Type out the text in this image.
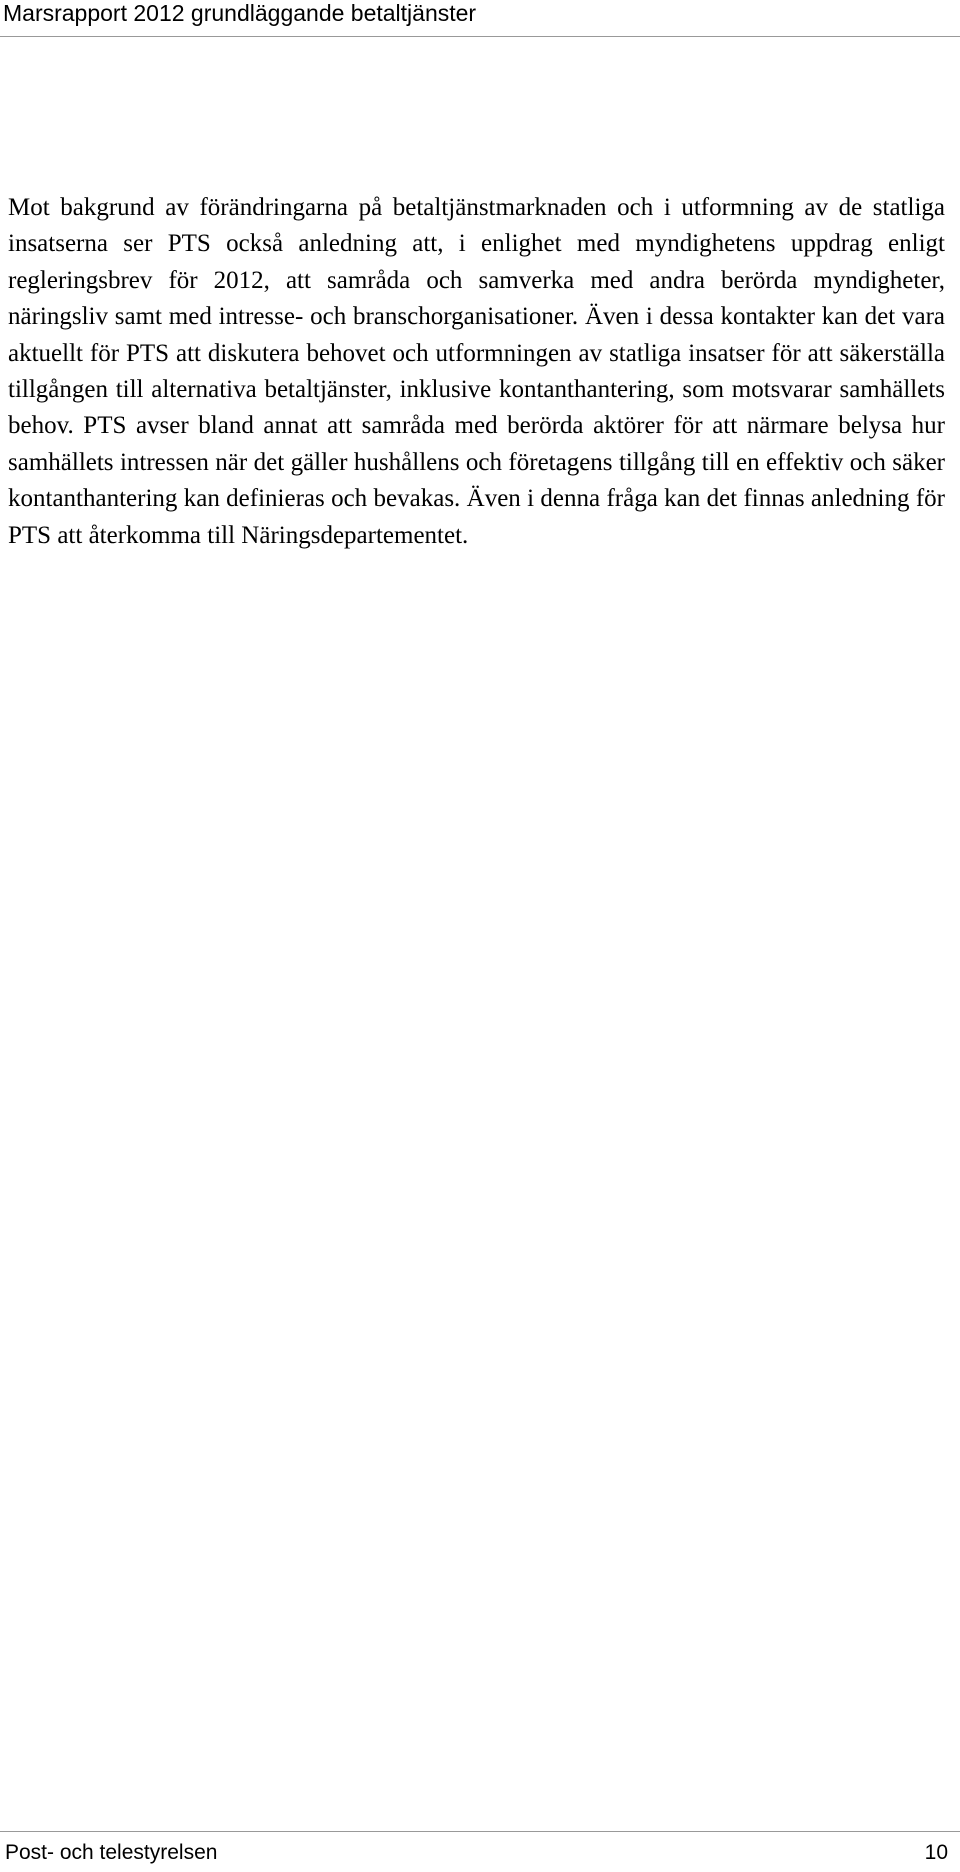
Marsrapport 2012 grundläggande betaltjänster

Mot bakgrund av förändringarna på betaltjänstmarknaden och i utformning av de statliga insatserna ser PTS också anledning att, i enlighet med myndighetens uppdrag enligt regleringsbrev för 2012, att samråda och samverka med andra berörda myndigheter, näringsliv samt med intresse- och branschorganisationer. Även i dessa kontakter kan det vara aktuellt för PTS att diskutera behovet och utformningen av statliga insatser för att säkerställa tillgången till alternativa betaltjänster, inklusive kontanthantering, som motsvarar samhällets behov. PTS avser bland annat att samråda med berörda aktörer för att närmare belysa hur samhällets intressen när det gäller hushållens och företagens tillgång till en effektiv och säker kontanthantering kan definieras och bevakas. Även i denna fråga kan det finnas anledning för PTS att återkomma till Näringsdepartementet.

Post- och telestyrelsen	10
